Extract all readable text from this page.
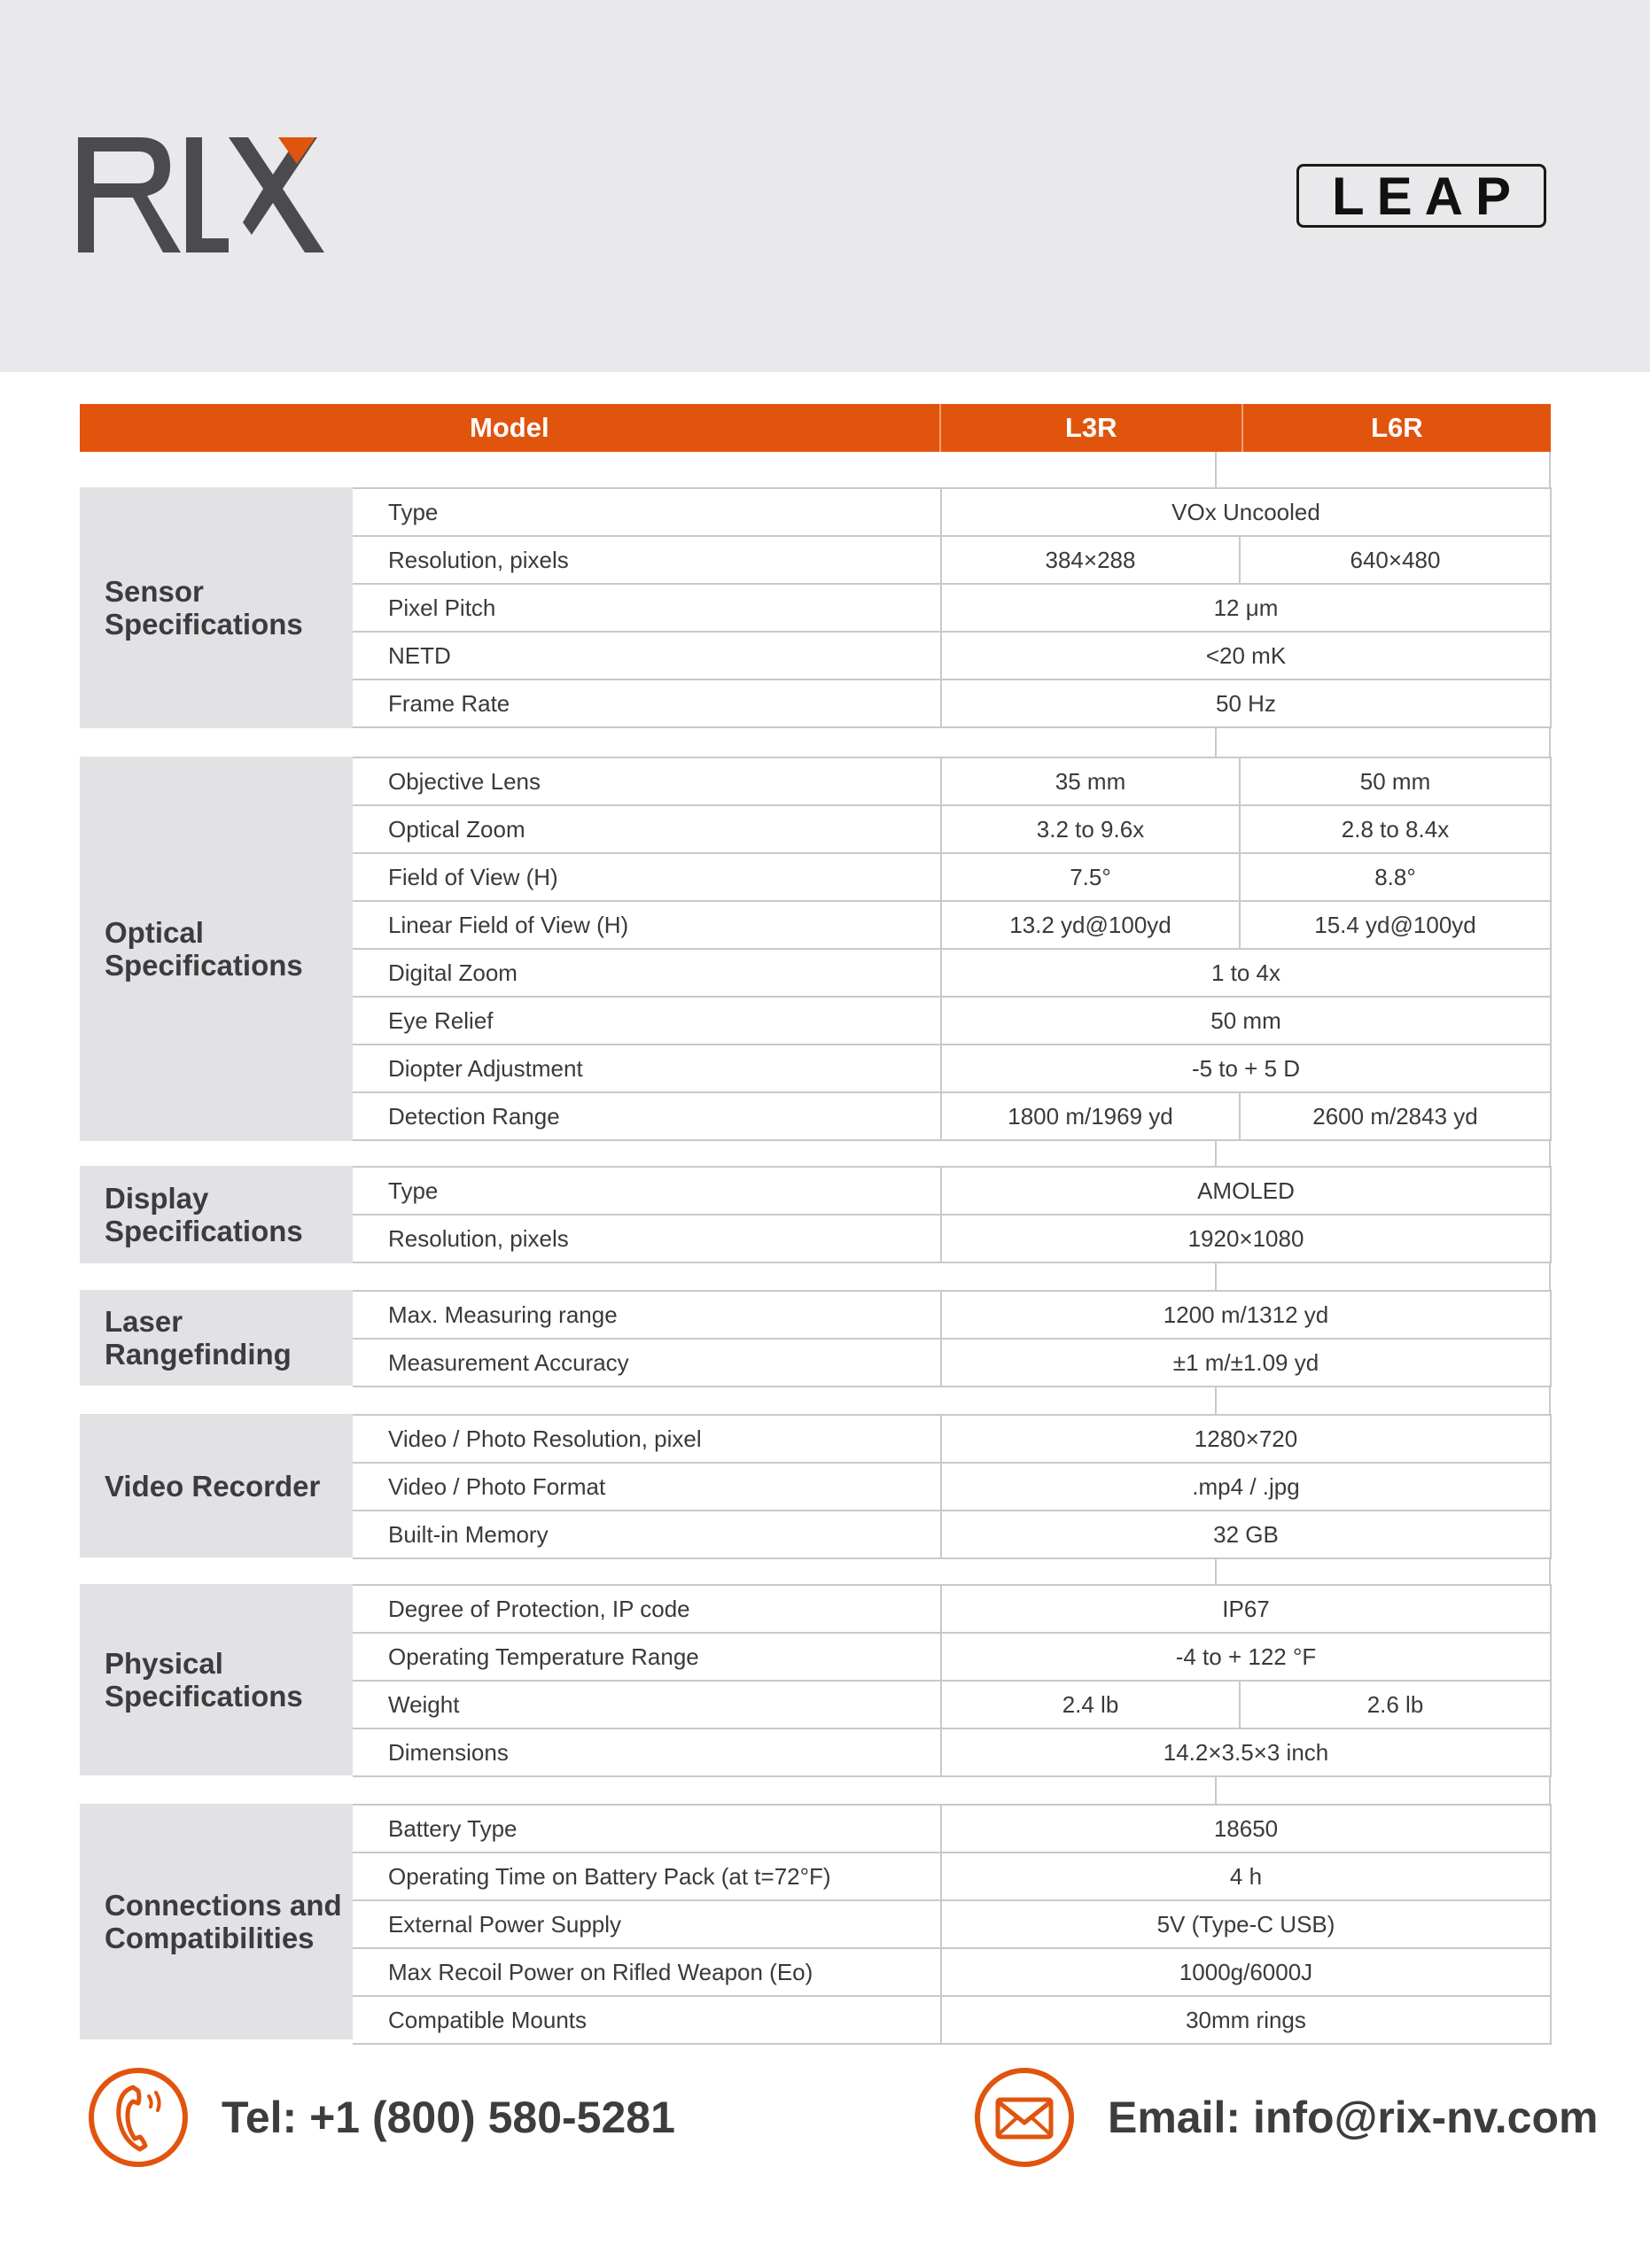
LEAP
Model	L3R	L6R
Sensor Specifications
Type	VOx Uncooled
Resolution, pixels	384×288	640×480
Pixel Pitch	12 μm
NETD	<20 mK
Frame Rate	50 Hz
Optical Specifications
Objective Lens	35 mm	50 mm
Optical Zoom	3.2 to 9.6x	2.8 to 8.4x
Field of View (H)	7.5°	8.8°
Linear Field of View (H)	13.2 yd@100yd	15.4 yd@100yd
Digital Zoom	1 to 4x
Eye Relief	50 mm
Diopter Adjustment	-5 to + 5 D
Detection Range	1800 m/1969 yd	2600 m/2843 yd
Display Specifications
Type	AMOLED
Resolution, pixels	1920×1080
Laser Rangefinding
Max. Measuring range	1200 m/1312 yd
Measurement Accuracy	±1 m/±1.09 yd
Video Recorder
Video / Photo Resolution, pixel	1280×720
Video / Photo Format	.mp4 / .jpg
Built-in Memory	32 GB
Physical Specifications
Degree of Protection, IP code	IP67
Operating Temperature Range	-4 to + 122 °F
Weight	2.4 lb	2.6 lb
Dimensions	14.2×3.5×3 inch
Connections and Compatibilities
Battery Type	18650
Operating Time on Battery Pack (at t=72°F)	4 h
External Power Supply	5V (Type-C USB)
Max Recoil Power on Rifled Weapon (Eo)	1000g/6000J
Compatible Mounts	30mm rings
Tel: +1 (800) 580-5281	Email: info@rix-nv.com
